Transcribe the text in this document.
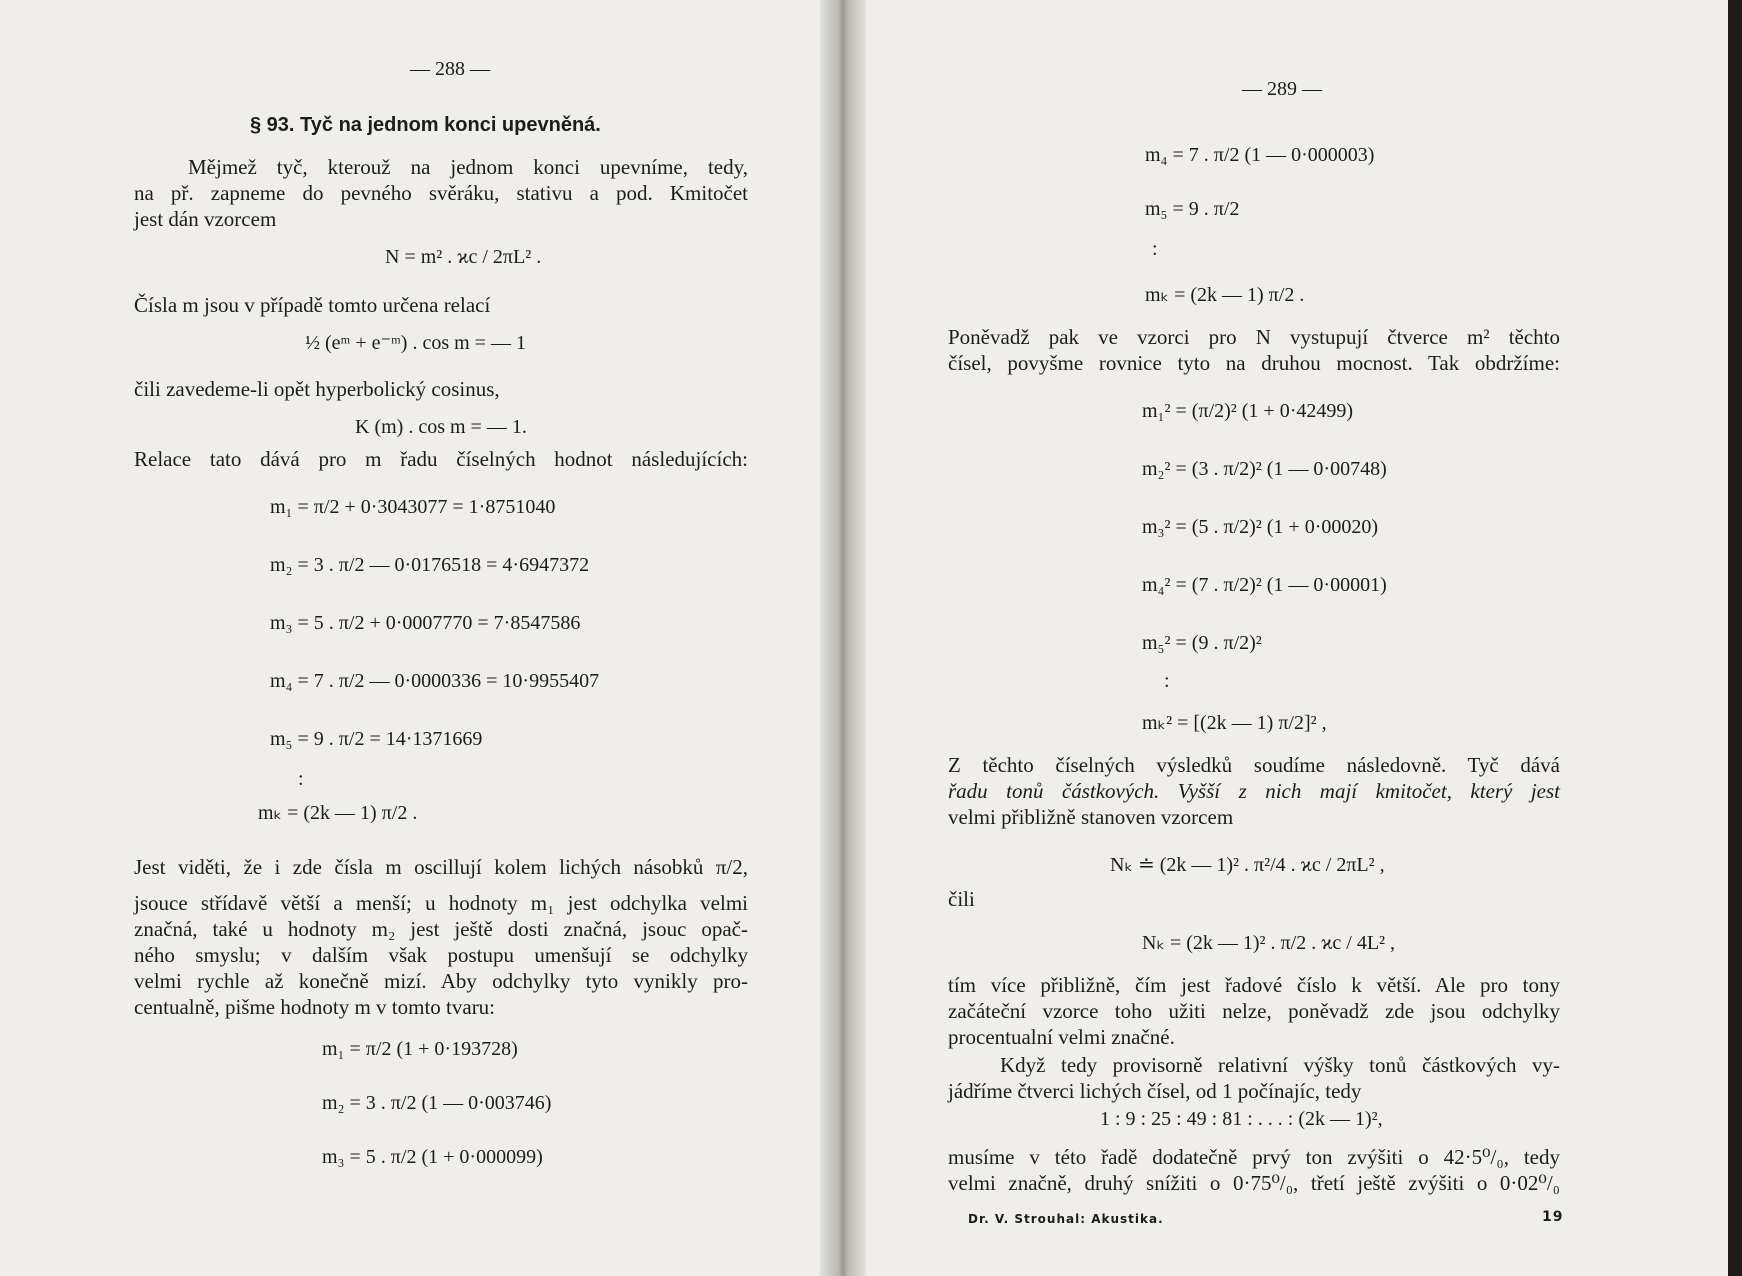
— 288 —
§ 93. Tyč na jednom konci upevněná.
Mějmež tyč, kterouž na jednom konci upevníme, tedy,
na př. zapneme do pevného svěráku, stativu a pod. Kmitočet
jest dán vzorcem
N = m² . ϰc / 2πL² .
Čísla m jsou v případě tomto určena relací
½ (eᵐ + e⁻ᵐ) . cos m = — 1
čili zavedeme-li opět hyperbolický cosinus,
K (m) . cos m = — 1.
Relace tato dává pro m řadu číselných hodnot následujících:
m₁ = π/2 + 0·3043077 = 1·8751040
m₂ = 3 . π/2 — 0·0176518 = 4·6947372
m₃ = 5 . π/2 + 0·0007770 = 7·8547586
m₄ = 7 . π/2 — 0·0000336 = 10·9955407
m₅ = 9 . π/2 = 14·1371669
:
mₖ = (2k — 1) π/2 .
Jest viděti, že i zde čísla m oscillují kolem lichých násobků π/2,
jsouce střídavě větší a menší; u hodnoty m₁ jest odchylka velmi
značná, také u hodnoty m₂ jest ještě dosti značná, jsouc opač-
ného smyslu; v dalším však postupu umenšují se odchylky
velmi rychle až konečně mizí. Aby odchylky tyto vynikly pro-
centualně, pišme hodnoty m v tomto tvaru:
m₁ = π/2 (1 + 0·193728)
m₂ = 3 . π/2 (1 — 0·003746)
m₃ = 5 . π/2 (1 + 0·000099)
— 289 —
m₄ = 7 . π/2 (1 — 0·000003)
m₅ = 9 . π/2
:
mₖ = (2k — 1) π/2 .
Poněvadž pak ve vzorci pro N vystupují čtverce m² těchto
čísel, povyšme rovnice tyto na druhou mocnost. Tak obdržíme:
m₁² = (π/2)² (1 + 0·42499)
m₂² = (3 . π/2)² (1 — 0·00748)
m₃² = (5 . π/2)² (1 + 0·00020)
m₄² = (7 . π/2)² (1 — 0·00001)
m₅² = (9 . π/2)²
:
mₖ² = [(2k — 1) π/2]² ,
Z těchto číselných výsledků soudíme následovně. Tyč dává
řadu tonů částkových. Vyšší z nich mají kmitočet, který jest
velmi přibližně stanoven vzorcem
Nₖ ≐ (2k — 1)² . π²/4 . ϰc / 2πL² ,
čili
Nₖ = (2k — 1)² . π/2 . ϰc / 4L² ,
tím více přibližně, čím jest řadové číslo k větší. Ale pro tony
začáteční vzorce toho užiti nelze, poněvadž zde jsou odchylky
procentualní velmi značné.
Když tedy provisorně relativní výšky tonů částkových vy-
jádříme čtverci lichých čísel, od 1 počínajíc, tedy
1 : 9 : 25 : 49 : 81 : . . . : (2k — 1)²,
musíme v této řadě dodatečně prvý ton zvýšiti o 42·5⁰/₀, tedy
velmi značně, druhý snížiti o 0·75⁰/₀, třetí ještě zvýšiti o 0·02⁰/₀
Dr. V. Strouhal: Akustika.	19
